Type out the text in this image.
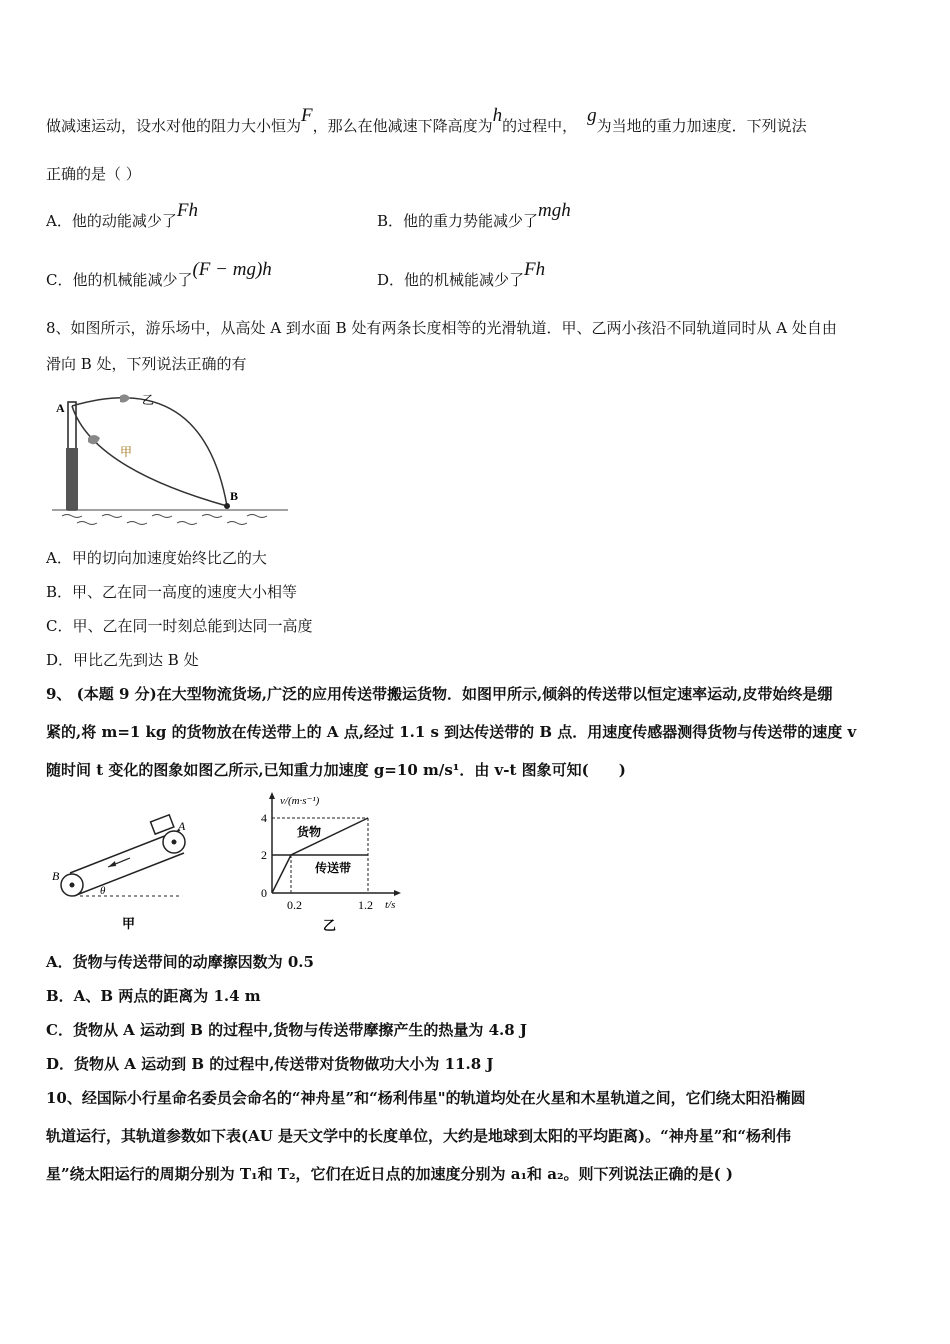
做减速运动，设水对他的阻力大小恒为F，那么在他减速下降高度为h的过程中， g为当地的重力加速度．下列说法
正确的是（ ）
A．他的动能减少了Fh	B．他的重力势能减少了mgh
C．他的机械能减少了(F − mg)h	D．他的机械能减少了Fh
8、如图所示，游乐场中，从高处 A 到水面 B 处有两条长度相等的光滑轨道．甲、乙两小孩沿不同轨道同时从 A 处自由
滑向 B 处，下列说法正确的有
A
B
乙
甲
A．甲的切向加速度始终比乙的大
B．甲、乙在同一高度的速度大小相等
C．甲、乙在同一时刻总能到达同一高度
D．甲比乙先到达 B 处
9、 (本题 9 分)在大型物流货场,广泛的应用传送带搬运货物．如图甲所示,倾斜的传送带以恒定速率运动,皮带始终是绷
紧的,将 m=1 kg 的货物放在传送带上的 A 点,经过 1.1 s 到达传送带的 B 点．用速度传感器测得货物与传送带的速度 v
随时间 t 变化的图象如图乙所示,已知重力加速度 g=10 m/s¹．由 v-t 图象可知(　　)
A
B
θ
甲
v/(m·s⁻¹)
t/s
4
2
0
0.2	1.2
货物
传送带
乙
A．货物与传送带间的动摩擦因数为 0.5
B．A、B 两点的距离为 1.4 m
C．货物从 A 运动到 B 的过程中,货物与传送带摩擦产生的热量为 4.8 J
D．货物从 A 运动到 B 的过程中,传送带对货物做功大小为 11.8 J
10、经国际小行星命名委员会命名的“神舟星”和“杨利伟星"的轨道均处在火星和木星轨道之间，它们绕太阳沿椭圆
轨道运行，其轨道参数如下表(AU 是天文学中的长度单位，大约是地球到太阳的平均距离)。“神舟星”和“杨利伟
星”绕太阳运行的周期分别为 T₁和 T₂，它们在近日点的加速度分别为 a₁和 a₂。则下列说法正确的是( )
